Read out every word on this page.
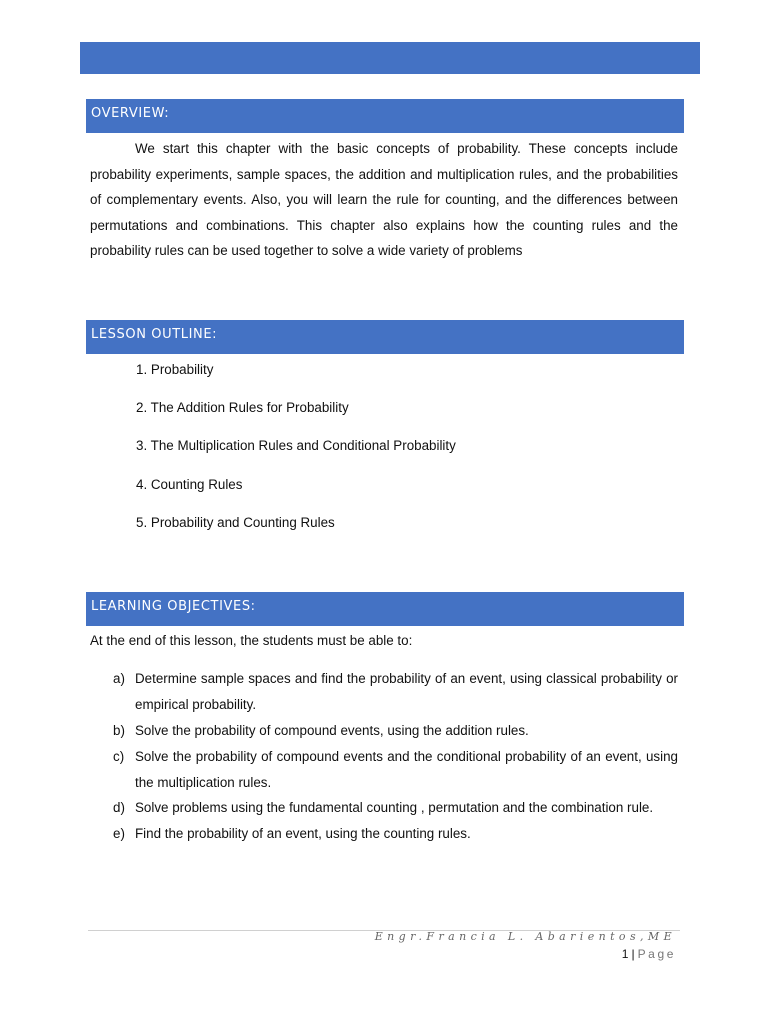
OVERVIEW:

We start this chapter with the basic concepts of probability. These concepts include probability experiments, sample spaces, the addition and multiplication rules, and the probabilities of complementary events. Also, you will learn the rule for counting, and the differences between permutations and combinations. This chapter also explains how the counting rules and the probability rules can be used together to solve a wide variety of problems

LESSON OUTLINE:
1. Probability
2. The Addition Rules for Probability
3. The Multiplication Rules and Conditional Probability
4. Counting Rules
5. Probability and Counting Rules
LEARNING OBJECTIVES:
At the end of this lesson, the students must be able to:
a) Determine sample spaces and find the probability of an event, using classical probability or empirical probability.
b) Solve the probability of compound events, using the addition rules.
c) Solve the probability of compound events and the conditional probability of an event, using the multiplication rules.
d) Solve problems using the fundamental counting , permutation and the combination rule.
e) Find the probability of an event, using the counting rules.
Engr.Francia L. Abarientos,ME
1 | Page
